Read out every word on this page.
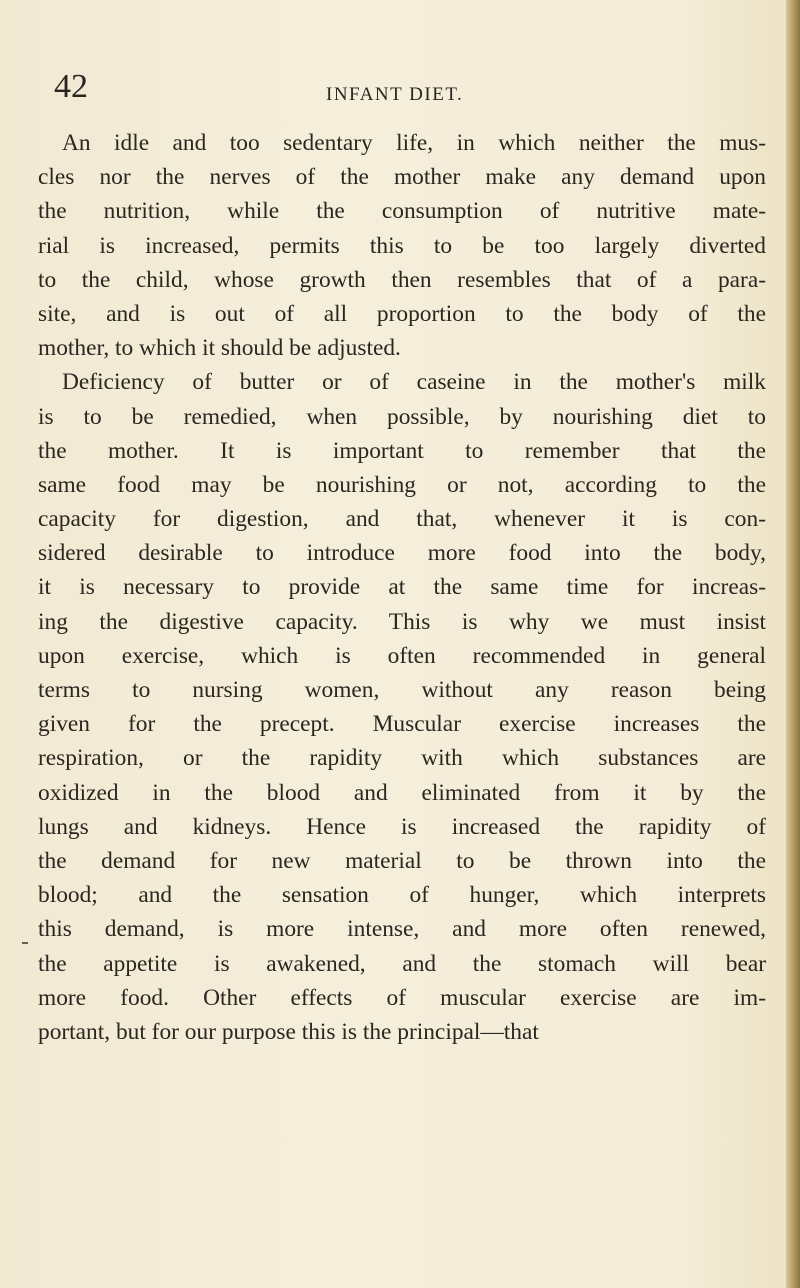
42	INFANT DIET.
An idle and too sedentary life, in which neither the mus-
cles nor the nerves of the mother make any demand upon
the nutrition, while the consumption of nutritive mate-
rial is increased, permits this to be too largely diverted
to the child, whose growth then resembles that of a para-
site, and is out of all proportion to the body of the
mother, to which it should be adjusted.
Deficiency of butter or of caseine in the mother's milk
is to be remedied, when possible, by nourishing diet to
the mother. It is important to remember that the
same food may be nourishing or not, according to the
capacity for digestion, and that, whenever it is con-
sidered desirable to introduce more food into the body,
it is necessary to provide at the same time for increas-
ing the digestive capacity. This is why we must insist
upon exercise, which is often recommended in general
terms to nursing women, without any reason being
given for the precept. Muscular exercise increases the
respiration, or the rapidity with which substances are
oxidized in the blood and eliminated from it by the
lungs and kidneys. Hence is increased the rapidity of
the demand for new material to be thrown into the
blood; and the sensation of hunger, which interprets
this demand, is more intense, and more often renewed,
the appetite is awakened, and the stomach will bear
more food. Other effects of muscular exercise are im-
portant, but for our purpose this is the principal—that
